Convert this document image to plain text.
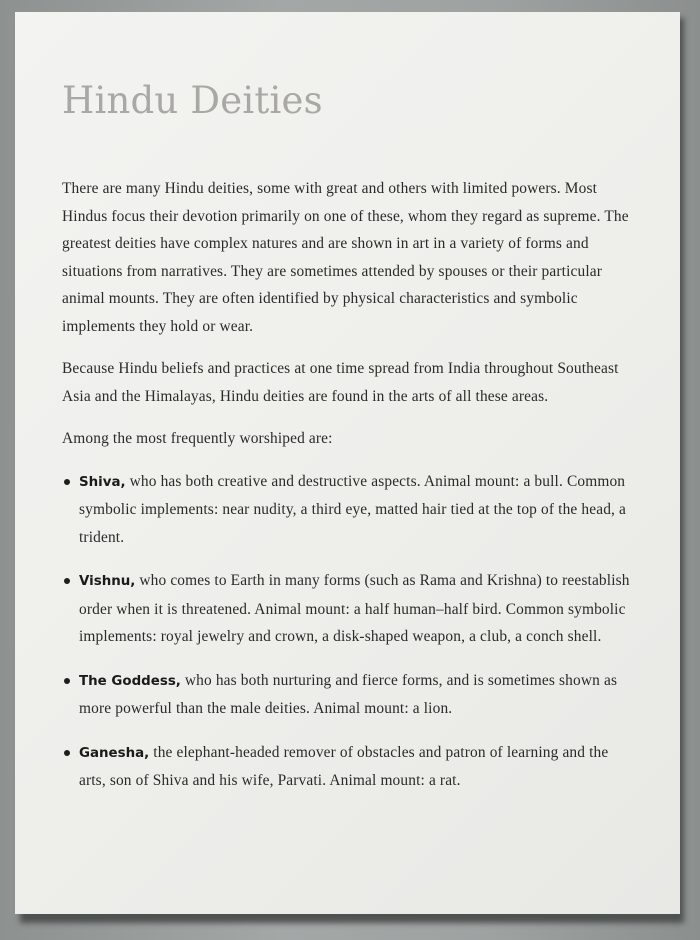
Hindu Deities

There are many Hindu deities, some with great and others with limited powers. Most Hindus focus their devotion primarily on one of these, whom they regard as supreme. The greatest deities have complex natures and are shown in art in a variety of forms and situations from narratives. They are sometimes attended by spouses or their particular animal mounts. They are often identified by physical characteristics and symbolic implements they hold or wear.

Because Hindu beliefs and practices at one time spread from India throughout Southeast Asia and the Himalayas, Hindu deities are found in the arts of all these areas.

Among the most frequently worshiped are:

Shiva, who has both creative and destructive aspects. Animal mount: a bull. Common symbolic implements: near nudity, a third eye, matted hair tied at the top of the head, a trident.
Vishnu, who comes to Earth in many forms (such as Rama and Krishna) to reestablish order when it is threatened. Animal mount: a half human–half bird. Common symbolic implements: royal jewelry and crown, a disk-shaped weapon, a club, a conch shell.
The Goddess, who has both nurturing and fierce forms, and is sometimes shown as more powerful than the male deities. Animal mount: a lion.
Ganesha, the elephant-headed remover of obstacles and patron of learning and the arts, son of Shiva and his wife, Parvati. Animal mount: a rat.
